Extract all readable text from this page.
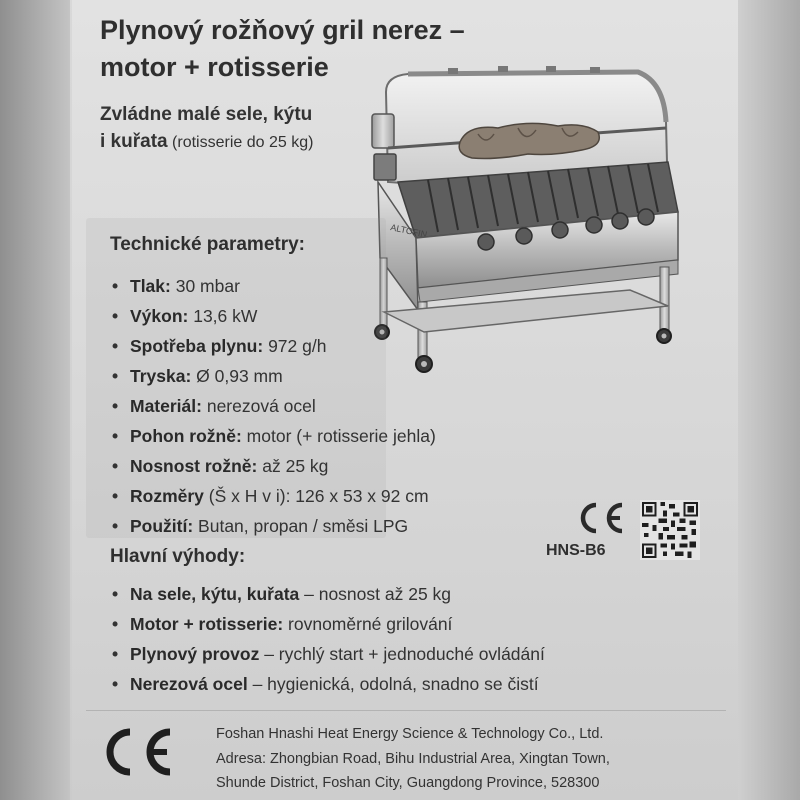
Plynový rožňový gril nerez –
motor + rotisserie
Zvládne malé sele, kýtu
i kuřata (rotisserie do 25 kg)
ALTOFIN
Technické parametry:
• Tlak: 30 mbar
• Výkon: 13,6 kW
• Spotřeba plynu: 972 g/h
• Tryska: Ø 0,93 mm
• Materiál: nerezová ocel
• Pohon rožně: motor (+ rotisserie jehla)
• Nosnost rožně: až 25 kg
• Rozměry (Š x H v i): 126 x 53 x 92 cm
• Použití: Butan, propan / směsi LPG
HNS-B6
Hlavní výhody:
• Na sele, kýtu, kuřata – nosnost až 25 kg
• Motor + rotisserie: rovnoměrné grilování
• Plynový provoz – rychlý start + jednoduché ovládání
• Nerezová ocel – hygienická, odolná, snadno se čistí
Foshan Hnashi Heat Energy Science & Technology Co., Ltd.
Adresa: Zhongbian Road, Bihu Industrial Area, Xingtan Town,
Shunde District, Foshan City, Guangdong Province, 528300
